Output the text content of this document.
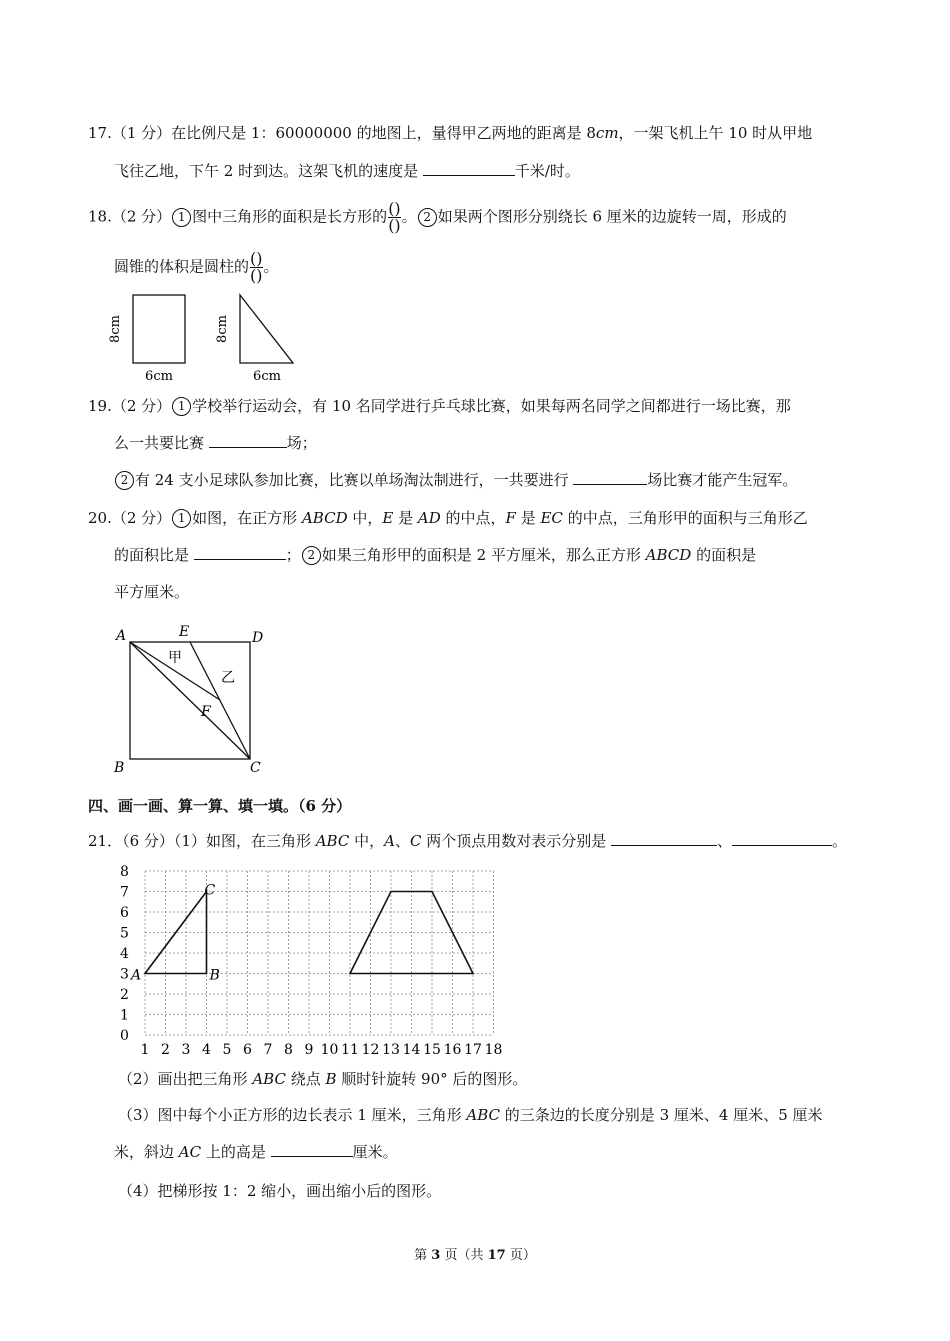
17.（1 分）在比例尺是 1：60000000 的地图上，量得甲乙两地的距离是 8cm，一架飞机上午 10 时从甲地
飞往乙地，下午 2 时到达。这架飞机的速度是	千米/时。
18.（2 分） 1 图中三角形的面积是长方形的 $\frac{()}{()}$ 。 2 如果两个图形分别绕长 6 厘米的边旋转一周，形成的
圆锥的体积是圆柱的 $\frac{()}{()}$ 。
8cm	8cm
6cm	6cm
19.（2 分） 1 学校举行运动会，有 10 名同学进行乒乓球比赛，如果每两名同学之间都进行一场比赛，那
么一共要比赛	场；
2 有 24 支小足球队参加比赛，比赛以单场淘汰制进行，一共要进行	场比赛才能产生冠军。
20.（2 分） 1 如图，在正方形 ABCD 中，E 是 AD 的中点，F 是 EC 的中点，三角形甲的面积与三角形乙
的面积比是	； 2 如果三角形甲的面积是 2 平方厘米，那么正方形 ABCD 的面积是
平方厘米。
A	E	D
B	C
F
甲
乙
四、画一画、算一算、填一填。（6 分）
21．（6 分）（1）如图，在三角形 ABC 中，A、C 两个顶点用数对表示分别是	、	。
0
1
2
3
4
5
6
7
8
1 2 3 4 5 6 7 8 9 10 11 12 13 14 15 16 17 18
A	B
C
（2）画出把三角形 ABC 绕点 B 顺时针旋转 90° 后的图形。
（3）图中每个小正方形的边长表示 1 厘米，三角形 ABC 的三条边的长度分别是 3 厘米、4 厘米、5 厘米
米，斜边 AC 上的高是	厘米。
（4）把梯形按 1：2 缩小，画出缩小后的图形。
第 3 页（共 17 页）
